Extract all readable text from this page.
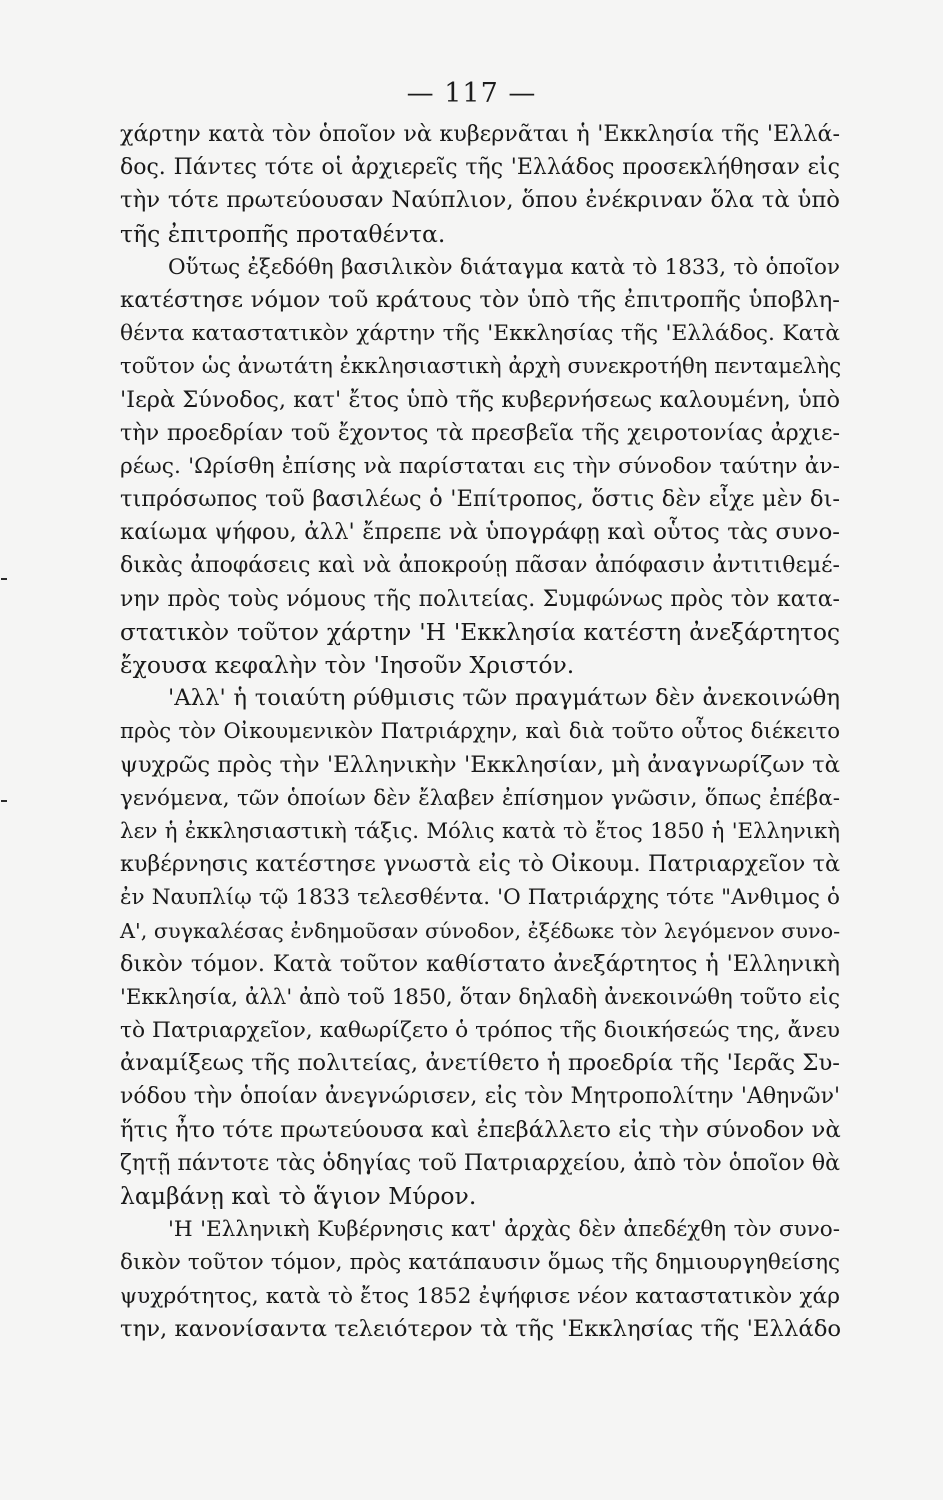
— 117 —
χάρτην κατὰ τὸν ὁποῖον νὰ κυβερνᾶται ἡ 'Εκκλησία τῆς 'Ελλά-
δος. Πάντες τότε οἱ ἀρχιερεῖς τῆς 'Ελλάδος προσεκλήθησαν εἰς
τὴν τότε πρωτεύουσαν Ναύπλιον, ὅπου ἐνέκριναν ὅλα τὰ ὑπὸ
τῆς ἐπιτροπῆς προταθέντα.
Οὕτως ἐξεδόθη βασιλικὸν διάταγμα κατὰ τὸ 1833, τὸ ὁποῖον
κατέστησε νόμον τοῦ κράτους τὸν ὑπὸ τῆς ἐπιτροπῆς ὑποβλη-
θέντα καταστατικὸν χάρτην τῆς 'Εκκλησίας τῆς 'Ελλάδος. Κατὰ
τοῦτον ὡς ἀνωτάτη ἐκκλησιαστικὴ ἀρχὴ συνεκροτήθη πενταμελὴς
'Ιερὰ Σύνοδος, κατ' ἔτος ὑπὸ τῆς κυβερνήσεως καλουμένη, ὑπὸ
τὴν προεδρίαν τοῦ ἔχοντος τὰ πρεσβεῖα τῆς χειροτονίας ἀρχιε-
ρέως. 'Ωρίσθη ἐπίσης νὰ παρίσταται εις τὴν σύνοδον ταύτην ἀν-
τιπρόσωπος τοῦ βασιλέως ὁ 'Επίτροπος, ὅστις δὲν εἶχε μὲν δι-
καίωμα ψήφου, ἀλλ' ἔπρεπε νὰ ὑπογράφῃ καὶ οὗτος τὰς συνο-
δικὰς ἀποφάσεις καὶ νὰ ἀποκρούῃ πᾶσαν ἀπόφασιν ἀντιτιθεμέ-
νην πρὸς τοὺς νόμους τῆς πολιτείας. Συμφώνως πρὸς τὸν κατα-
στατικὸν τοῦτον χάρτην 'Η 'Εκκλησία κατέστη ἀνεξάρτητος
ἔχουσα κεφαλὴν τὸν 'Ιησοῦν Χριστόν.
'Αλλ' ἡ τοιαύτη ρύθμισις τῶν πραγμάτων δὲν ἀνεκοινώθη
πρὸς τὸν Οἰκουμενικὸν Πατριάρχην, καὶ διὰ τοῦτο οὗτος διέκειτο
ψυχρῶς πρὸς τὴν 'Ελληνικὴν 'Εκκλησίαν, μὴ ἀναγνωρίζων τὰ
γενόμενα, τῶν ὁποίων δὲν ἔλαβεν ἐπίσημον γνῶσιν, ὅπως ἐπέβα-
λεν ἡ ἐκκλησιαστικὴ τάξις. Μόλις κατὰ τὸ ἔτος 1850 ἡ 'Ελληνικὴ
κυβέρνησις κατέστησε γνωστὰ εἰς τὸ Οἰκουμ. Πατριαρχεῖον τὰ
ἐν Ναυπλίῳ τῷ 1833 τελεσθέντα. 'Ο Πατριάρχης τότε "Ανθιμος ὁ
Α', συγκαλέσας ἐνδημοῦσαν σύνοδον, ἐξέδωκε τὸν λεγόμενον συνο-
δικὸν τόμον. Κατὰ τοῦτον καθίστατο ἀνεξάρτητος ἡ 'Ελληνικὴ
'Εκκλησία, ἀλλ' ἀπὸ τοῦ 1850, ὅταν δηλαδὴ ἀνεκοινώθη τοῦτο εἰς
τὸ Πατριαρχεῖον, καθωρίζετο ὁ τρόπος τῆς διοικήσεώς της, ἄνευ
ἀναμίξεως τῆς πολιτείας, ἀνετίθετο ἡ προεδρία τῆς 'Ιερᾶς Συ-
νόδου τὴν ὁποίαν ἀνεγνώρισεν, εἰς τὸν Μητροπολίτην 'Αθηνῶν'
ἥτις ἦτο τότε πρωτεύουσα καὶ ἐπεβάλλετο εἰς τὴν σύνοδον νὰ
ζητῇ πάντοτε τὰς ὁδηγίας τοῦ Πατριαρχείου, ἀπὸ τὸν ὁποῖον θὰ
λαμβάνῃ καὶ τὸ ἅγιον Μύρον.
'Η 'Ελληνικὴ Κυβέρνησις κατ' ἀρχὰς δὲν ἀπεδέχθη τὸν συνο-
δικὸν τοῦτον τόμον, πρὸς κατάπαυσιν ὅμως τῆς δημιουργηθείσης
ψυχρότητος, κατὰ τὸ ἔτος 1852 ἐψήφισε νέον καταστατικὸν χάρ
την, κανονίσαντα τελειότερον τὰ τῆς 'Εκκλησίας τῆς 'Ελλάδο
